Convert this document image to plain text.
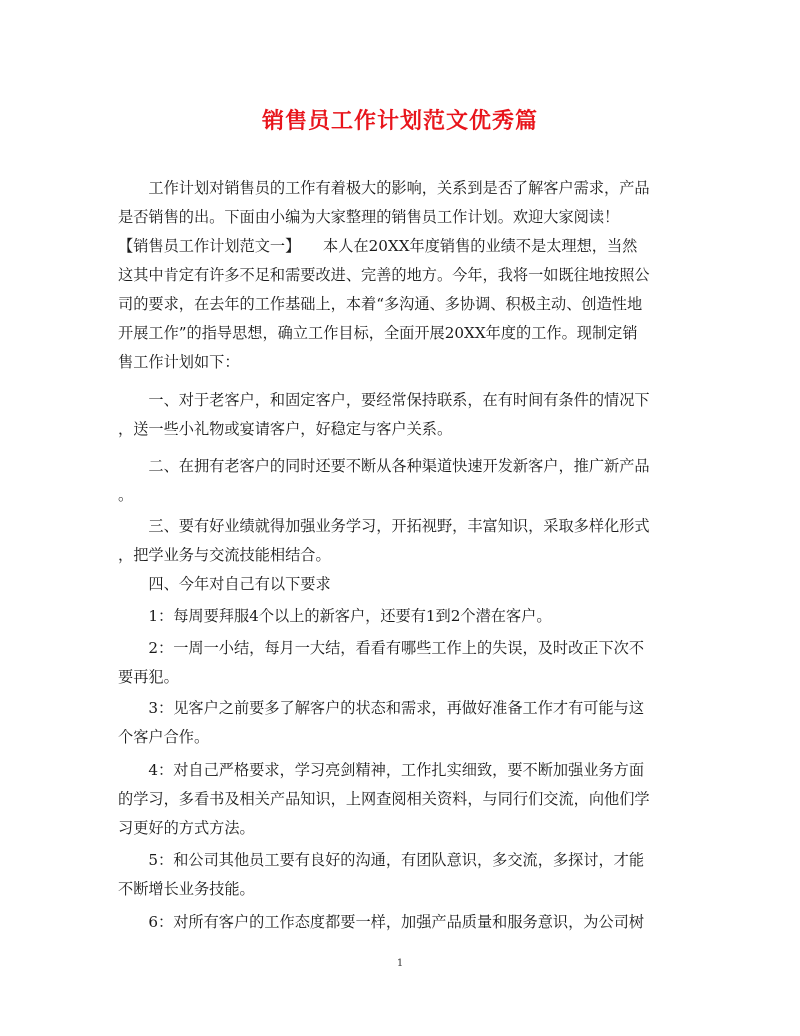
销售员工作计划范文优秀篇
　　工作计划对销售员的工作有着极大的影响，关系到是否了解客户需求，产品
是否销售的出。下面由小编为大家整理的销售员工作计划。欢迎大家阅读！
【销售员工作计划范文一】　　本人在20XX年度销售的业绩不是太理想，当然
这其中肯定有许多不足和需要改进、完善的地方。今年，我将一如既往地按照公
司的要求，在去年的工作基础上，本着“多沟通、多协调、积极主动、创造性地
开展工作”的指导思想，确立工作目标，全面开展20XX年度的工作。现制定销
售工作计划如下：
　　一、对于老客户，和固定客户，要经常保持联系，在有时间有条件的情况下
，送一些小礼物或宴请客户，好稳定与客户关系。
　　二、在拥有老客户的同时还要不断从各种渠道快速开发新客户，推广新产品
。
　　三、要有好业绩就得加强业务学习，开拓视野，丰富知识，采取多样化形式
，把学业务与交流技能相结合。
　　四、今年对自己有以下要求
　　1：每周要拜服4个以上的新客户，还要有1到2个潜在客户。
　　2：一周一小结，每月一大结，看看有哪些工作上的失误，及时改正下次不
要再犯。
　　3：见客户之前要多了解客户的状态和需求，再做好准备工作才有可能与这
个客户合作。
　　4：对自己严格要求，学习亮剑精神，工作扎实细致，要不断加强业务方面
的学习，多看书及相关产品知识，上网查阅相关资料，与同行们交流，向他们学
习更好的方式方法。
　　5：和公司其他员工要有良好的沟通，有团队意识，多交流，多探讨，才能
不断增长业务技能。
　　6：对所有客户的工作态度都要一样，加强产品质量和服务意识，为公司树
1
